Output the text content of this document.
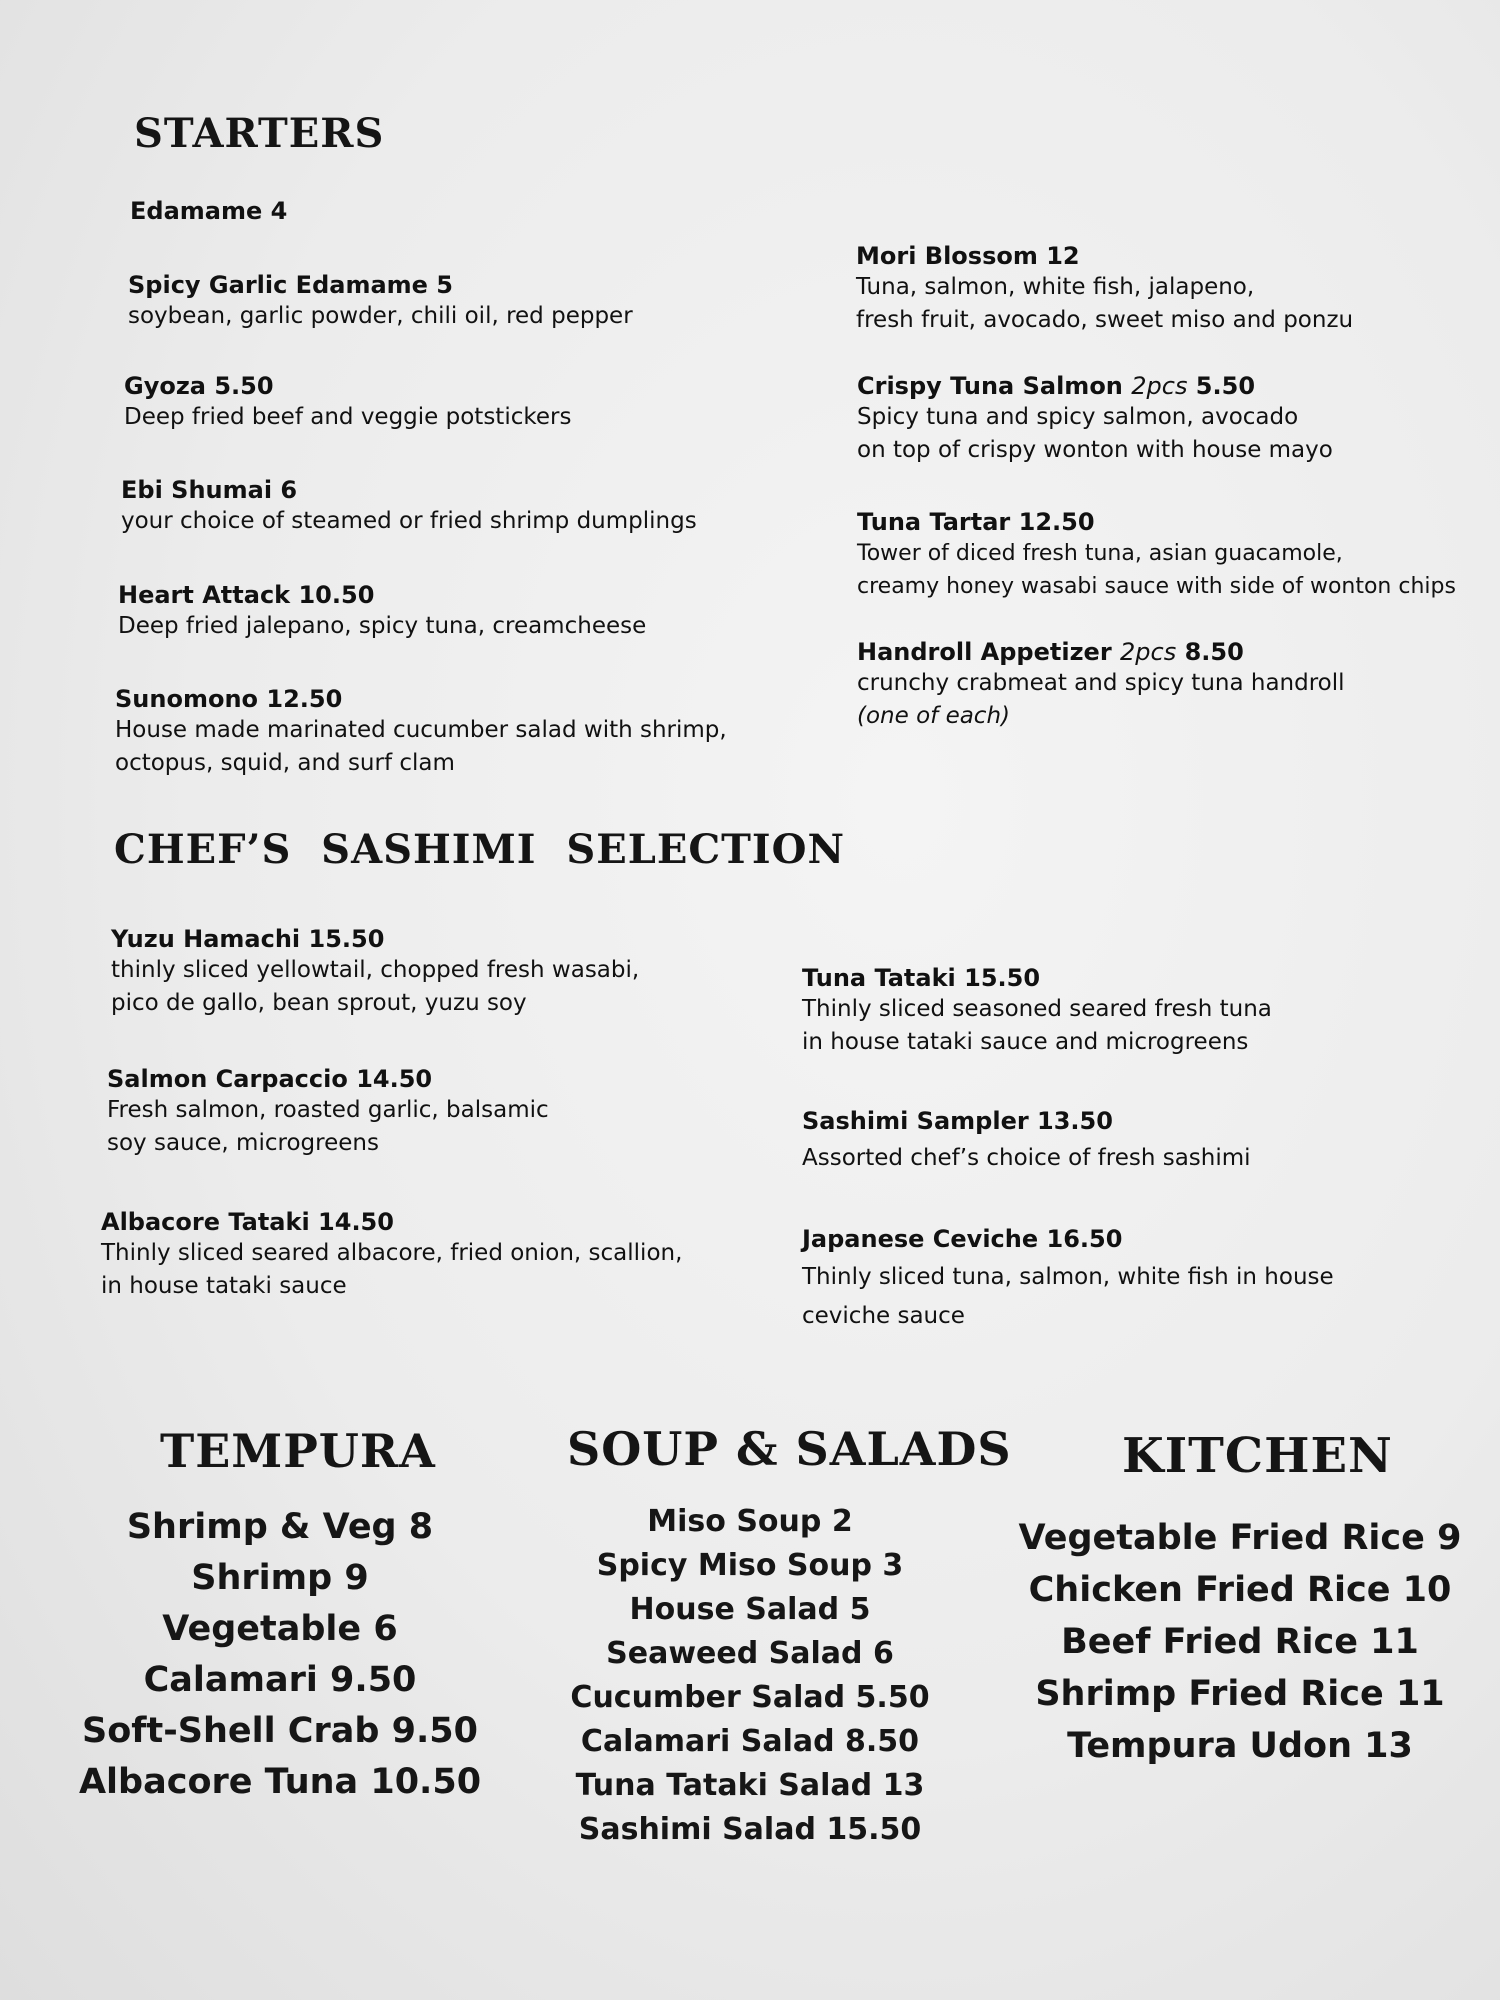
STARTERS
Edamame 4
Spicy Garlic Edamame 5
soybean, garlic powder, chili oil, red pepper
Gyoza 5.50
Deep fried beef and veggie potstickers
Ebi Shumai 6
your choice of steamed or fried shrimp dumplings
Heart Attack 10.50
Deep fried jalepano, spicy tuna, creamcheese
Sunomono 12.50
House made marinated cucumber salad with shrimp,
octopus, squid, and surf clam
Mori Blossom 12
Tuna, salmon, white fish, jalapeno,
fresh fruit, avocado, sweet miso and ponzu
Crispy Tuna Salmon 2pcs 5.50
Spicy tuna and spicy salmon, avocado
on top of crispy wonton with house mayo
Tuna Tartar 12.50
Tower of diced fresh tuna, asian guacamole,
creamy honey wasabi sauce with side of wonton chips
Handroll Appetizer 2pcs 8.50
crunchy crabmeat and spicy tuna handroll
(one of each)
CHEF’S  SASHIMI  SELECTION
Yuzu Hamachi 15.50
thinly sliced yellowtail, chopped fresh wasabi,
pico de gallo, bean sprout, yuzu soy
Salmon Carpaccio 14.50
Fresh salmon, roasted garlic, balsamic
soy sauce, microgreens
Albacore Tataki 14.50
Thinly sliced seared albacore, fried onion, scallion,
in house tataki sauce
Tuna Tataki 15.50
Thinly sliced seasoned seared fresh tuna
in house tataki sauce and microgreens
Sashimi Sampler 13.50
Assorted chef’s choice of fresh sashimi
Japanese Ceviche 16.50
Thinly sliced tuna, salmon, white fish in house
ceviche sauce
TEMPURA
Shrimp & Veg 8
Shrimp 9
Vegetable 6
Calamari 9.50
Soft-Shell Crab 9.50
Albacore Tuna 10.50
SOUP & SALADS
Miso Soup 2
Spicy Miso Soup 3
House Salad 5
Seaweed Salad 6
Cucumber Salad 5.50
Calamari Salad 8.50
Tuna Tataki Salad 13
Sashimi Salad 15.50
KITCHEN
Vegetable Fried Rice 9
Chicken Fried Rice 10
Beef Fried Rice 11
Shrimp Fried Rice 11
Tempura Udon 13
